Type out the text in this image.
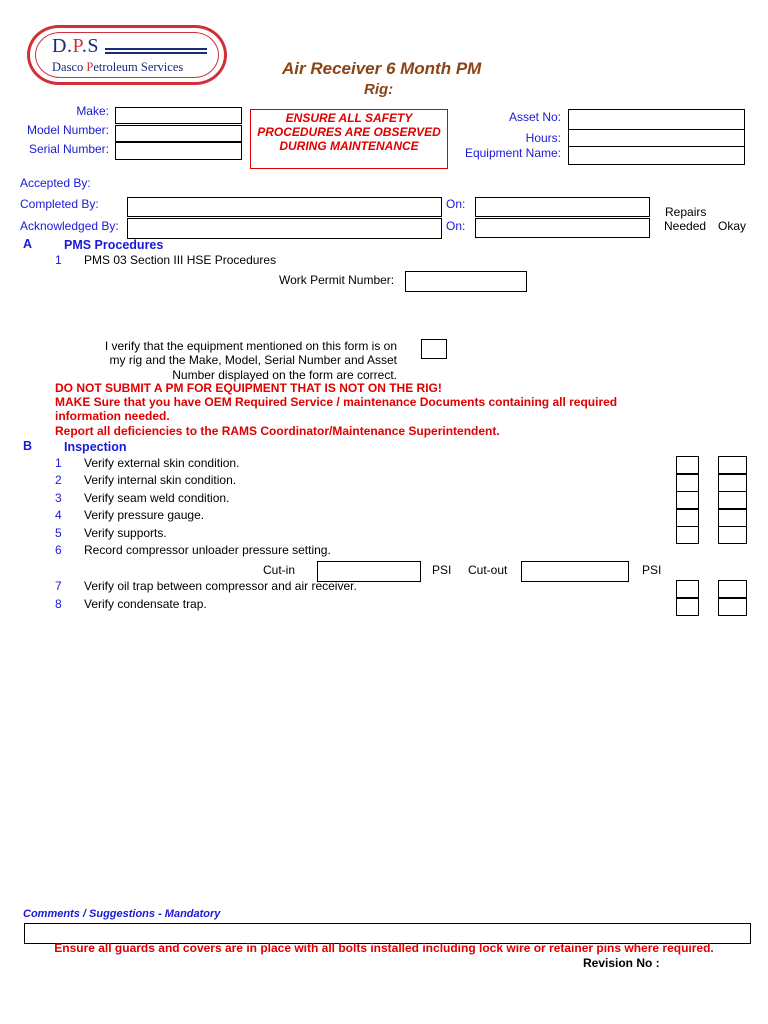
D.P.S
Dasco Petroleum Services	Air Receiver 6 Month PM
Rig:
Make:
Model Number:
Serial Number:
ENSURE ALL SAFETY PROCEDURES ARE OBSERVED DURING MAINTENANCE
Asset No:
Hours:
Equipment Name:
Accepted By:
Completed By:
Acknowledged By:
On:
On:
Repairs
Needed Okay
A	PMS Procedures
1 PMS 03 Section III HSE Procedures
Work Permit Number:
I verify that the equipment mentioned on this form is on
my rig and the Make, Model, Serial Number and Asset
Number displayed on the form are correct.
DO NOT SUBMIT A PM FOR EQUIPMENT THAT IS NOT ON THE RIG!
MAKE Sure that you have OEM Required Service / maintenance Documents containing all required
information needed.
Report all deficiencies to the RAMS Coordinator/Maintenance Superintendent.
B	Inspection
1 Verify external skin condition.
2 Verify internal skin condition.
3 Verify seam weld condition.
4 Verify pressure gauge.
5 Verify supports.
6 Record compressor unloader pressure setting.
Cut-in	PSI Cut-out	PSI
7 Verify oil trap between compressor and air receiver.
8 Verify condensate trap.
Comments / Suggestions - Mandatory
Ensure all guards and covers are in place with all bolts installed including lock wire or retainer pins where required.
Revision No :
